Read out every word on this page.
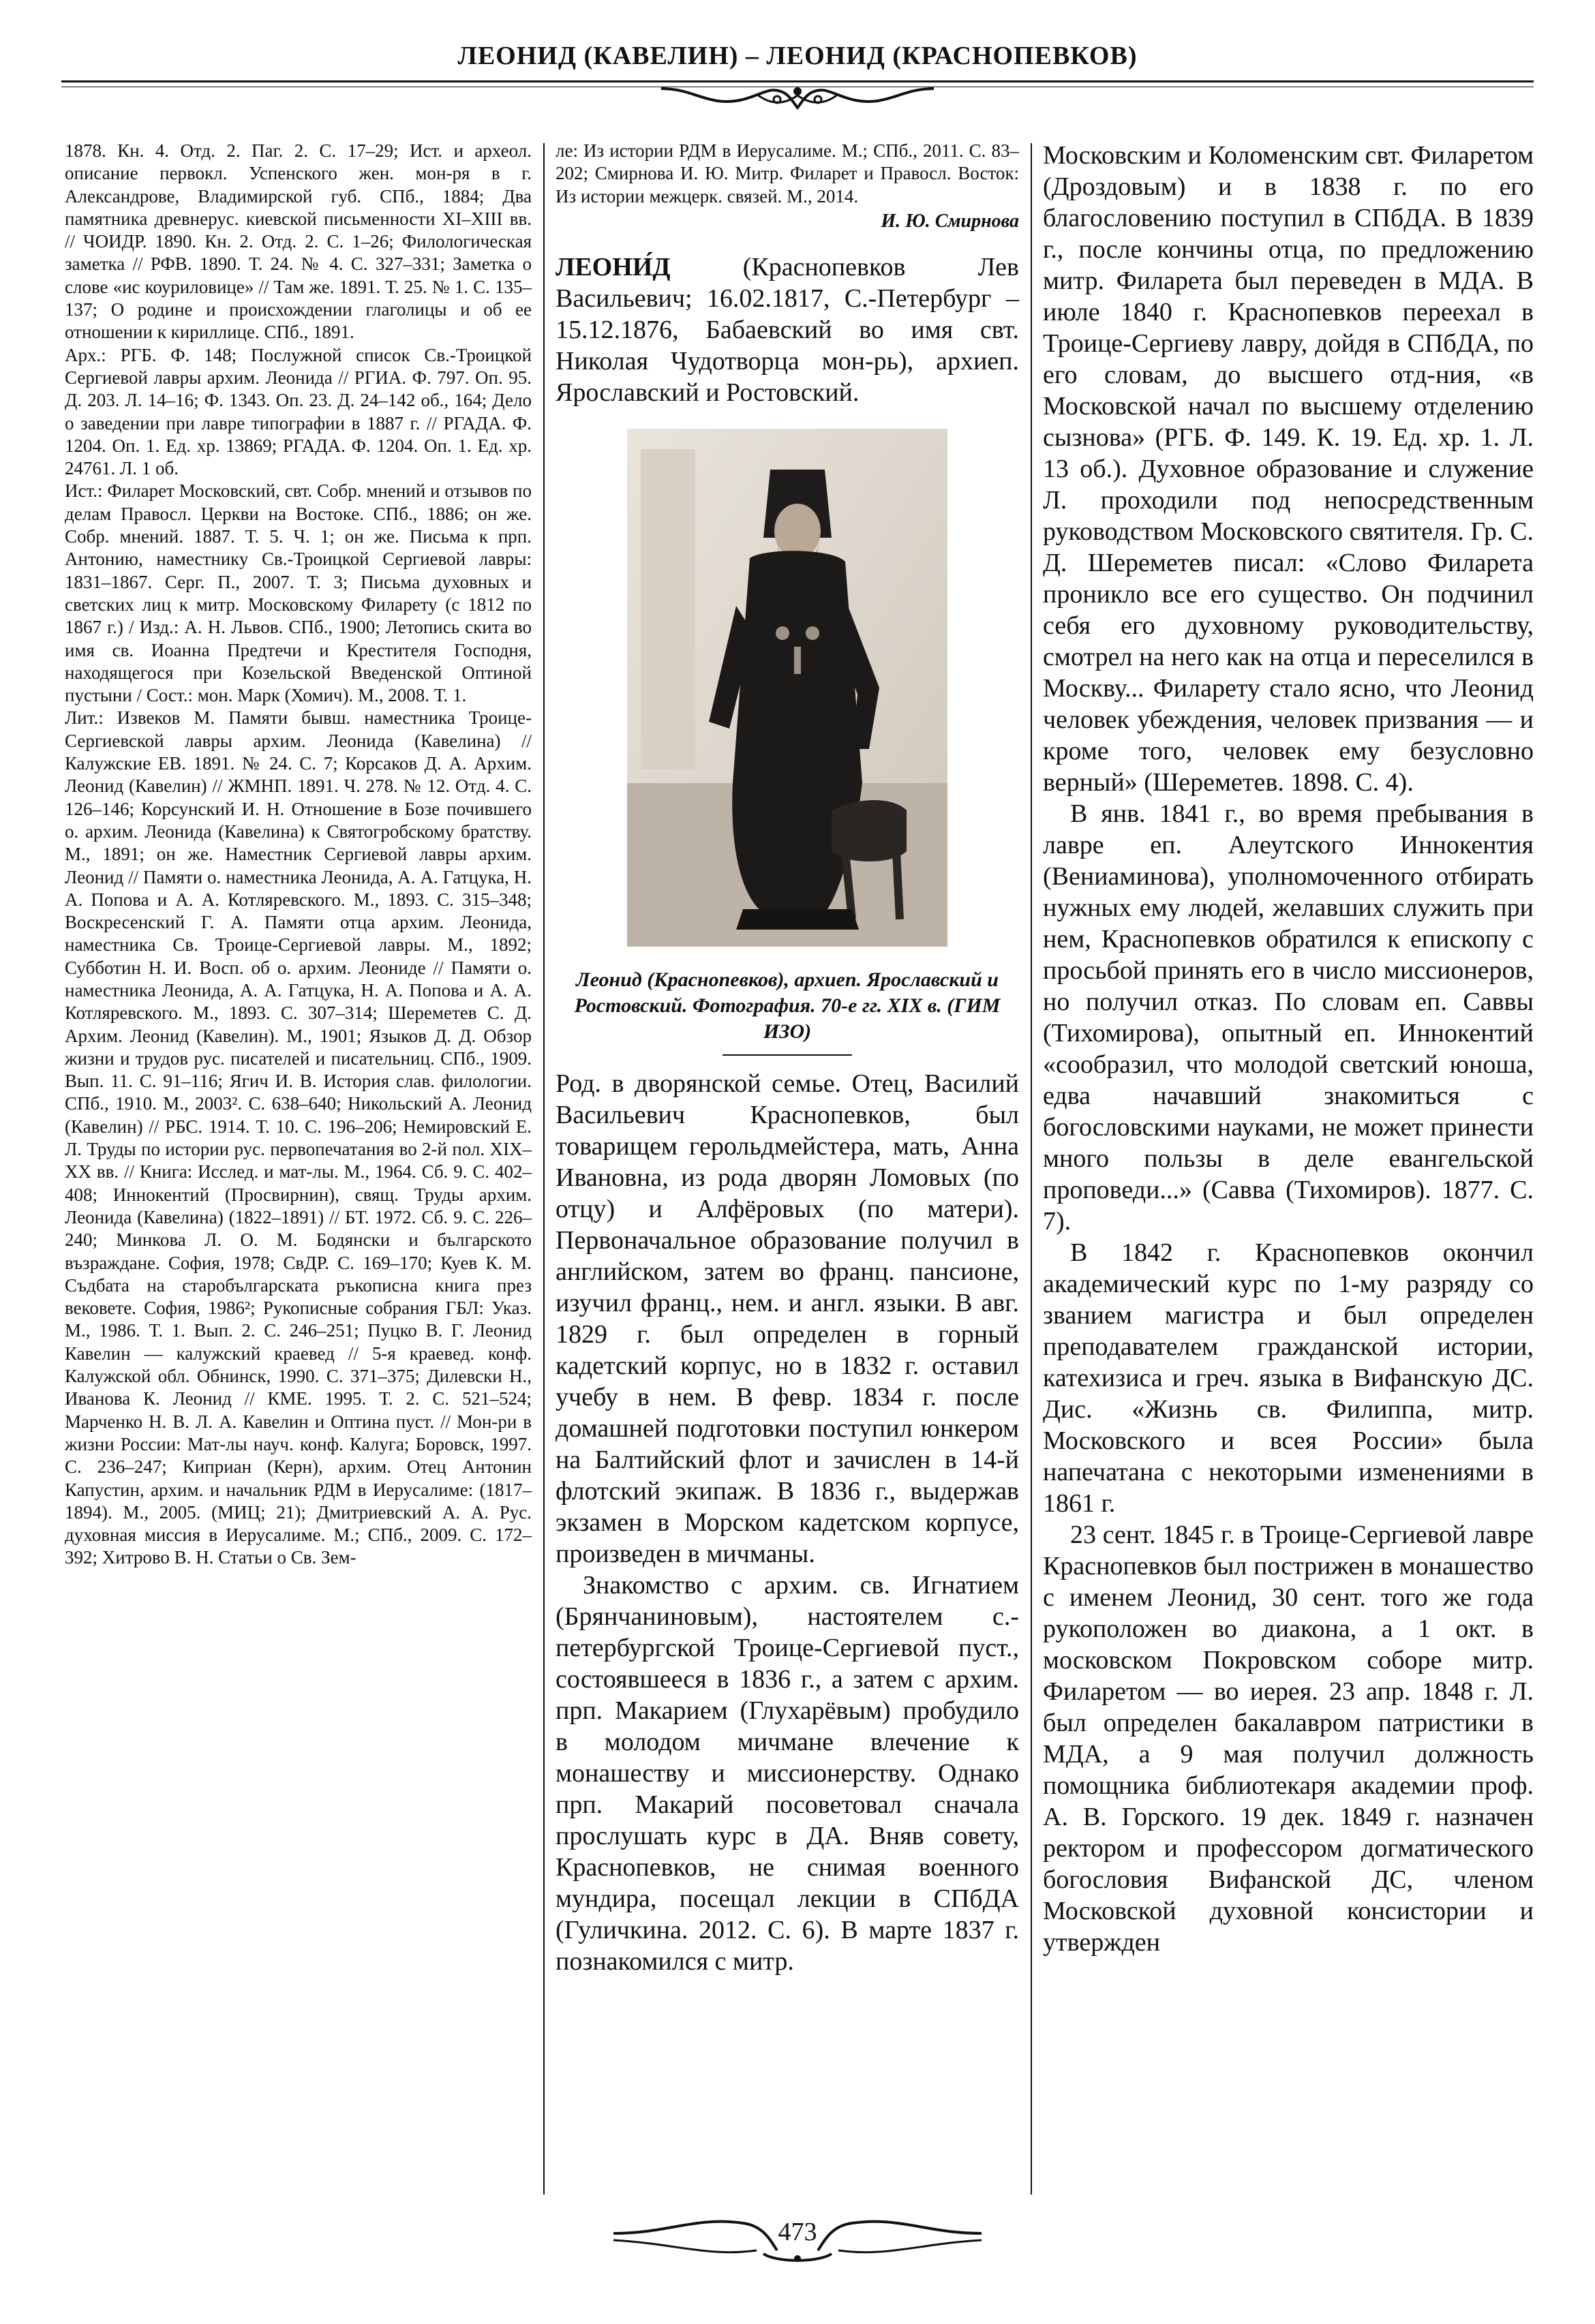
ЛЕОНИД (КАВЕЛИН) – ЛЕОНИД (КРАСНОПЕВКОВ)

1878. Кн. 4. Отд. 2. Паг. 2. С. 17–29; Ист. и археол. описание первокл. Успенского жен. мон-ря в г. Александрове, Владимирской губ. СПб., 1884; Два памятника древнерус. киевской письменности XI–XIII вв. // ЧОИДР. 1890. Кн. 2. Отд. 2. С. 1–26; Филологическая заметка // РФВ. 1890. Т. 24. № 4. С. 327–331; Заметка о слове «ис коуриловице» // Там же. 1891. Т. 25. № 1. С. 135–137; О родине и происхождении глаголицы и об ее отношении к кириллице. СПб., 1891.

Арх.: РГБ. Ф. 148; Послужной список Св.-Троицкой Сергиевой лавры архим. Леонида // РГИА. Ф. 797. Оп. 95. Д. 203. Л. 14–16; Ф. 1343. Оп. 23. Д. 24–142 об., 164; Дело о заведении при лавре типографии в 1887 г. // РГАДА. Ф. 1204. Оп. 1. Ед. хр. 13869; РГАДА. Ф. 1204. Оп. 1. Ед. хр. 24761. Л. 1 об.

Ист.: Филарет Московский, свт. Собр. мнений и отзывов по делам Правосл. Церкви на Востоке. СПб., 1886; он же. Собр. мнений. 1887. Т. 5. Ч. 1; он же. Письма к прп. Антонию, наместнику Св.-Троицкой Сергиевой лавры: 1831–1867. Серг. П., 2007. Т. 3; Письма духовных и светских лиц к митр. Московскому Филарету (с 1812 по 1867 г.) / Изд.: А. Н. Львов. СПб., 1900; Летопись скита во имя св. Иоанна Предтечи и Крестителя Господня, находящегося при Козельской Введенской Оптиной пустыни / Сост.: мон. Марк (Хомич). М., 2008. Т. 1.

Лит.: Извеков М. Памяти бывш. наместника Троице-Сергиевской лавры архим. Леонида (Кавелина) // Калужские ЕВ. 1891. № 24. С. 7; Корсаков Д. А. Архим. Леонид (Кавелин) // ЖМНП. 1891. Ч. 278. № 12. Отд. 4. С. 126–146; Корсунский И. Н. Отношение в Бозе почившего о. архим. Леонида (Кавелина) к Святогробскому братству. М., 1891; он же. Наместник Сергиевой лавры архим. Леонид // Памяти о. наместника Леонида, А. А. Гатцука, Н. А. Попова и А. А. Котляревского. М., 1893. С. 315–348; Воскресенский Г. А. Памяти отца архим. Леонида, наместника Св. Троице-Сергиевой лавры. М., 1892; Субботин Н. И. Восп. об о. архим. Леониде // Памяти о. наместника Леонида, А. А. Гатцука, Н. А. Попова и А. А. Котляревского. М., 1893. С. 307–314; Шереметев С. Д. Архим. Леонид (Кавелин). М., 1901; Языков Д. Д. Обзор жизни и трудов рус. писателей и писательниц. СПб., 1909. Вып. 11. С. 91–116; Ягич И. В. История слав. филологии. СПб., 1910. М., 2003². С. 638–640; Никольский А. Леонид (Кавелин) // РБС. 1914. Т. 10. С. 196–206; Немировский Е. Л. Труды по истории рус. первопечатания во 2-й пол. XIX–XX вв. // Книга: Исслед. и мат-лы. М., 1964. Сб. 9. С. 402–408; Иннокентий (Просвирнин), свящ. Труды архим. Леонида (Кавелина) (1822–1891) // БТ. 1972. Сб. 9. С. 226–240; Минкова Л. О. М. Бодянски и българското възраждане. София, 1978; СвДР. С. 169–170; Куев К. М. Съдбата на старобългарската ръкописна книга през вековете. София, 1986²; Рукописные собрания ГБЛ: Указ. М., 1986. Т. 1. Вып. 2. С. 246–251; Пуцко В. Г. Леонид Кавелин — калужский краевед // 5-я краевед. конф. Калужской обл. Обнинск, 1990. С. 371–375; Дилевски Н., Иванова К. Леонид // КМЕ. 1995. Т. 2. С. 521–524; Марченко Н. В. Л. А. Кавелин и Оптина пуст. // Мон-ри в жизни России: Мат-лы науч. конф. Калуга; Боровск, 1997. С. 236–247; Киприан (Керн), архим. Отец Антонин Капустин, архим. и начальник РДМ в Иерусалиме: (1817–1894). М., 2005. (МИЦ; 21); Дмитриевский А. А. Рус. духовная миссия в Иерусалиме. М.; СПб., 2009. С. 172–392; Хитрово В. Н. Статьи о Св. Зем-

ле: Из истории РДМ в Иерусалиме. М.; СПб., 2011. С. 83–202; Смирнова И. Ю. Митр. Филарет и Правосл. Восток: Из истории межцерк. связей. М., 2014.

И. Ю. Смирнова

ЛЕОНИ́Д (Краснопевков Лев Васильевич; 16.02.1817, С.-Петербург – 15.12.1876, Бабаевский во имя свт. Николая Чудотворца мон-рь), архиеп. Ярославский и Ростовский.

Леонид (Краснопевков), архиеп. Ярославский и Ростовский. Фотография. 70-е гг. XIX в. (ГИМ ИЗО)

Род. в дворянской семье. Отец, Василий Васильевич Краснопевков, был товарищем герольдмейстера, мать, Анна Ивановна, из рода дворян Ломовых (по отцу) и Алфёровых (по матери). Первоначальное образование получил в английском, затем во франц. пансионе, изучил франц., нем. и англ. языки. В авг. 1829 г. был определен в горный кадетский корпус, но в 1832 г. оставил учебу в нем. В февр. 1834 г. после домашней подготовки поступил юнкером на Балтийский флот и зачислен в 14-й флотский экипаж. В 1836 г., выдержав экзамен в Морском кадетском корпусе, произведен в мичманы.

Знакомство с архим. св. Игнатием (Брянчаниновым), настоятелем с.-петербургской Троице-Сергиевой пуст., состоявшееся в 1836 г., а затем с архим. прп. Макарием (Глухарёвым) пробудило в молодом мичмане влечение к монашеству и миссионерству. Однако прп. Макарий посоветовал сначала прослушать курс в ДА. Вняв совету, Краснопевков, не снимая военного мундира, посещал лекции в СПбДА (Гуличкина. 2012. С. 6). В марте 1837 г. познакомился с митр.

Московским и Коломенским свт. Филаретом (Дроздовым) и в 1838 г. по его благословению поступил в СПбДА. В 1839 г., после кончины отца, по предложению митр. Филарета был переведен в МДА. В июле 1840 г. Краснопевков переехал в Троице-Сергиеву лавру, дойдя в СПбДА, по его словам, до высшего отд-ния, «в Московской начал по высшему отделению сызнова» (РГБ. Ф. 149. К. 19. Ед. хр. 1. Л. 13 об.). Духовное образование и служение Л. проходили под непосредственным руководством Московского святителя. Гр. С. Д. Шереметев писал: «Слово Филарета проникло все его существо. Он подчинил себя его духовному руководительству, смотрел на него как на отца и переселился в Москву... Филарету стало ясно, что Леонид человек убеждения, человек призвания — и кроме того, человек ему безусловно верный» (Шереметев. 1898. С. 4).

В янв. 1841 г., во время пребывания в лавре еп. Алеутского Иннокентия (Вениаминова), уполномоченного отбирать нужных ему людей, желавших служить при нем, Краснопевков обратился к епископу с просьбой принять его в число миссионеров, но получил отказ. По словам еп. Саввы (Тихомирова), опытный еп. Иннокентий «сообразил, что молодой светский юноша, едва начавший знакомиться с богословскими науками, не может принести много пользы в деле евангельской проповеди...» (Савва (Тихомиров). 1877. С. 7).

В 1842 г. Краснопевков окончил академический курс по 1-му разряду со званием магистра и был определен преподавателем гражданской истории, катехизиса и греч. языка в Вифанскую ДС. Дис. «Жизнь св. Филиппа, митр. Московского и всея России» была напечатана с некоторыми изменениями в 1861 г.

23 сент. 1845 г. в Троице-Сергиевой лавре Краснопевков был пострижен в монашество с именем Леонид, 30 сент. того же года рукоположен во диакона, а 1 окт. в московском Покровском соборе митр. Филаретом — во иерея. 23 апр. 1848 г. Л. был определен бакалавром патристики в МДА, а 9 мая получил должность помощника библиотекаря академии проф. А. В. Горского. 19 дек. 1849 г. назначен ректором и профессором догматического богословия Вифанской ДС, членом Московской духовной консистории и утвержден

473
